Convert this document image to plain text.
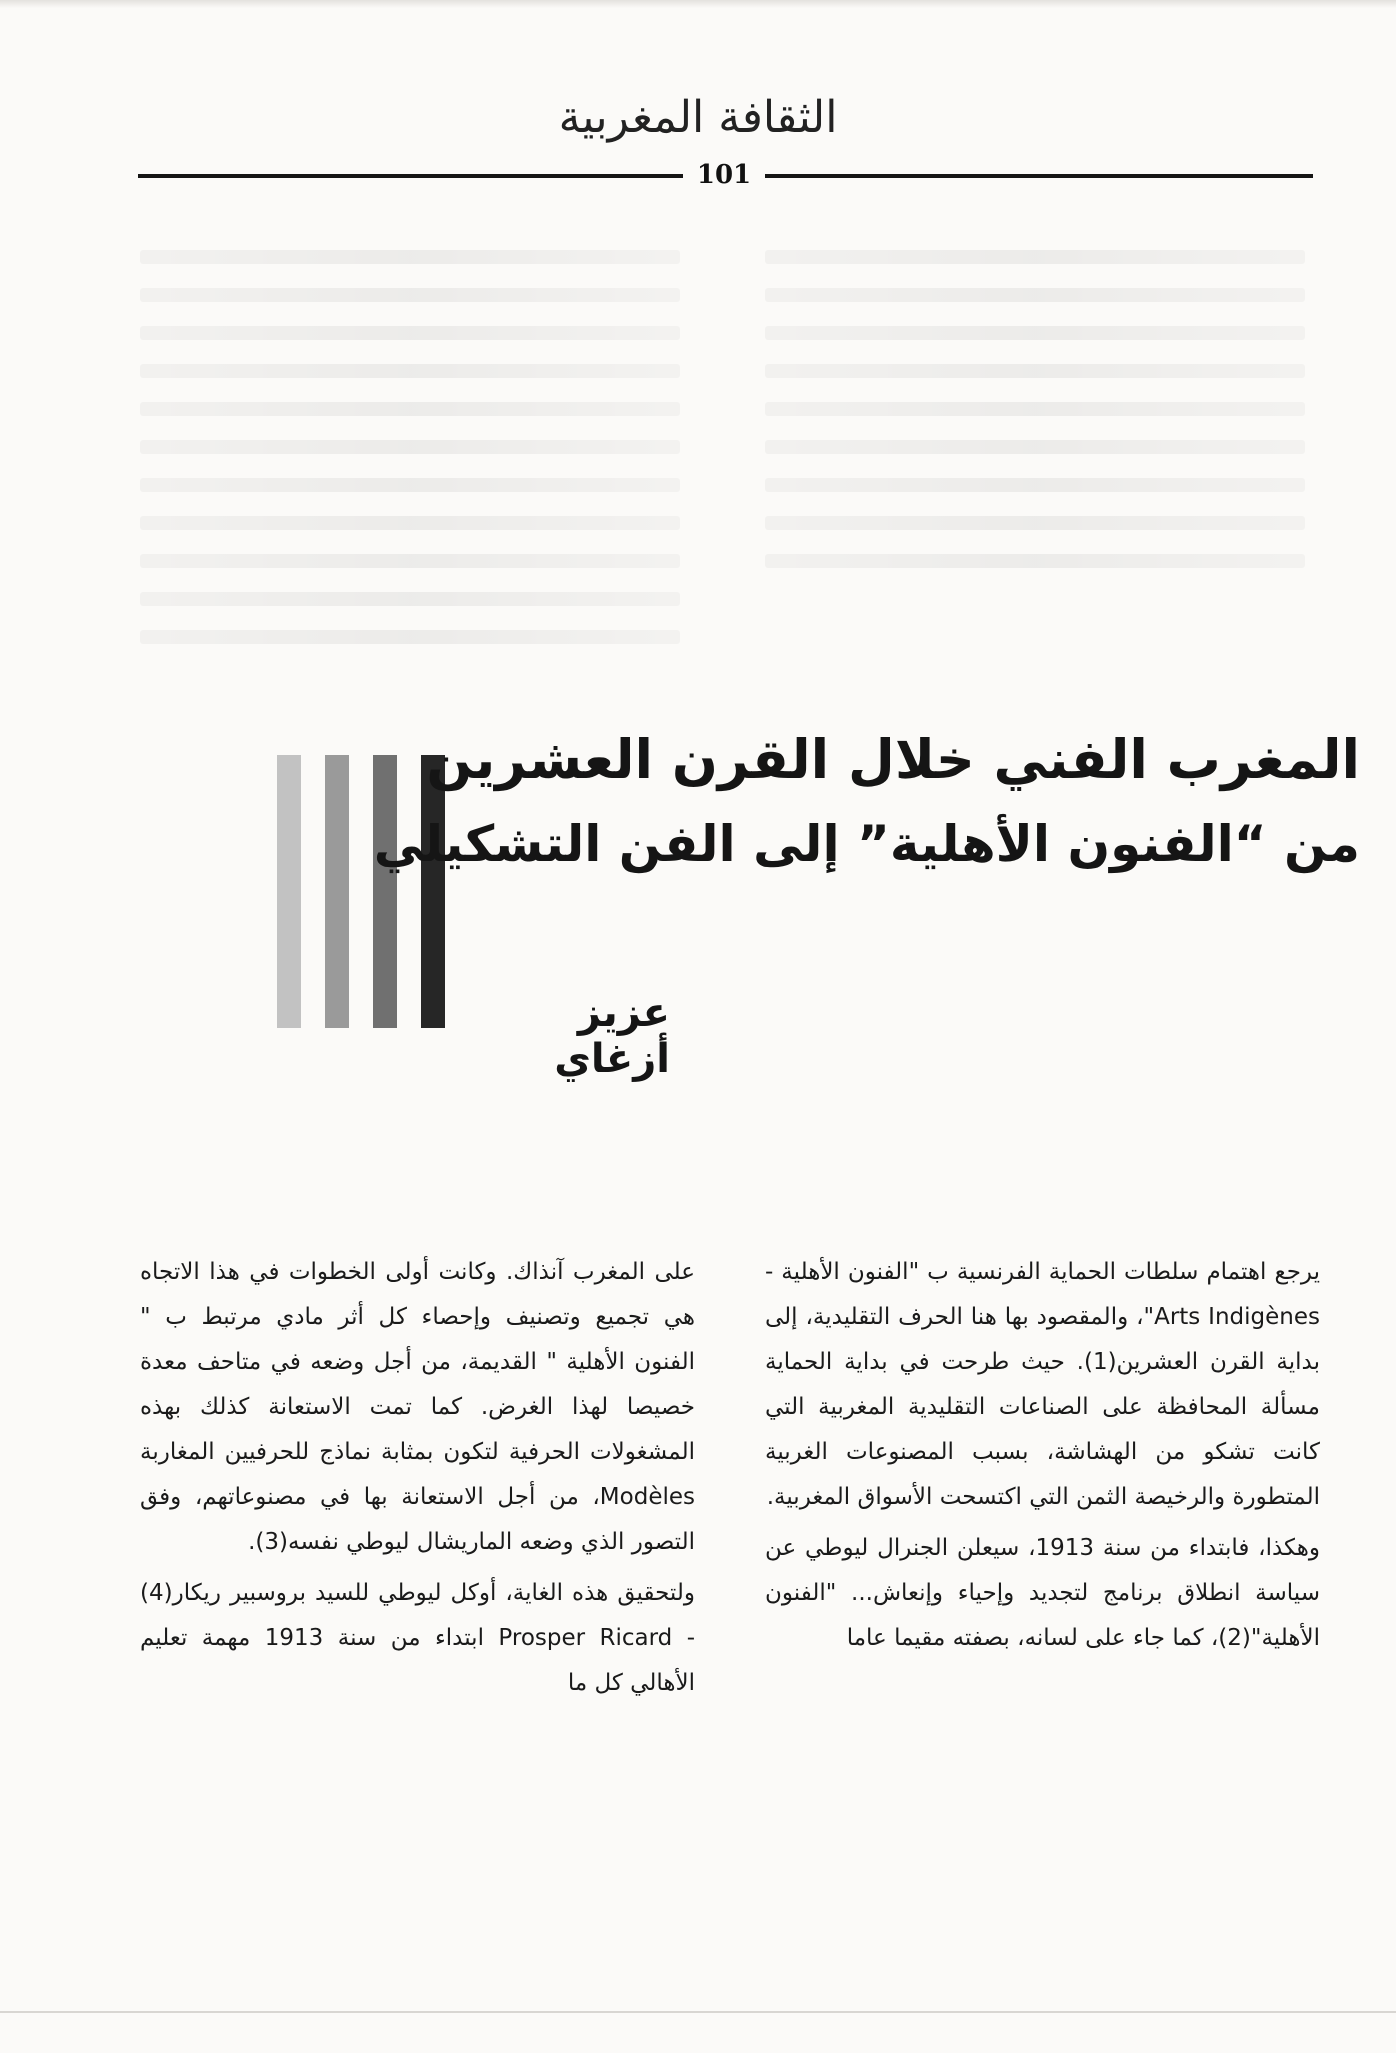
الثقافة المغربية
101
المغرب الفني خلال القرن العشرين
من “الفنون الأهلية” إلى الفن التشكيلي
عزيز أزغاي

يرجع اهتمام سلطات الحماية الفرنسية ب "الفنون الأهلية - Arts Indigènes"، والمقصود بها هنا الحرف التقليدية، إلى بداية القرن العشرين(1). حيث طرحت في بداية الحماية مسألة المحافظة على الصناعات التقليدية المغربية التي كانت تشكو من الهشاشة، بسبب المصنوعات الغربية المتطورة والرخيصة الثمن التي اكتسحت الأسواق المغربية.

وهكذا، فابتداء من سنة 1913، سيعلن الجنرال ليوطي عن سياسة انطلاق برنامج لتجديد وإحياء وإنعاش... "الفنون الأهلية"(2)، كما جاء على لسانه، بصفته مقيما عاما

على المغرب آنذاك. وكانت أولى الخطوات في هذا الاتجاه هي تجميع وتصنيف وإحصاء كل أثر مادي مرتبط ب " الفنون الأهلية " القديمة، من أجل وضعه في متاحف معدة خصيصا لهذا الغرض. كما تمت الاستعانة كذلك بهذه المشغولات الحرفية لتكون بمثابة نماذج للحرفيين المغاربة Modèles، من أجل الاستعانة بها في مصنوعاتهم، وفق التصور الذي وضعه الماريشال ليوطي نفسه(3).

ولتحقيق هذه الغاية، أوكل ليوطي للسيد بروسبير ريكار(4) - Prosper Ricard ابتداء من سنة 1913 مهمة تعليم الأهالي كل ما
